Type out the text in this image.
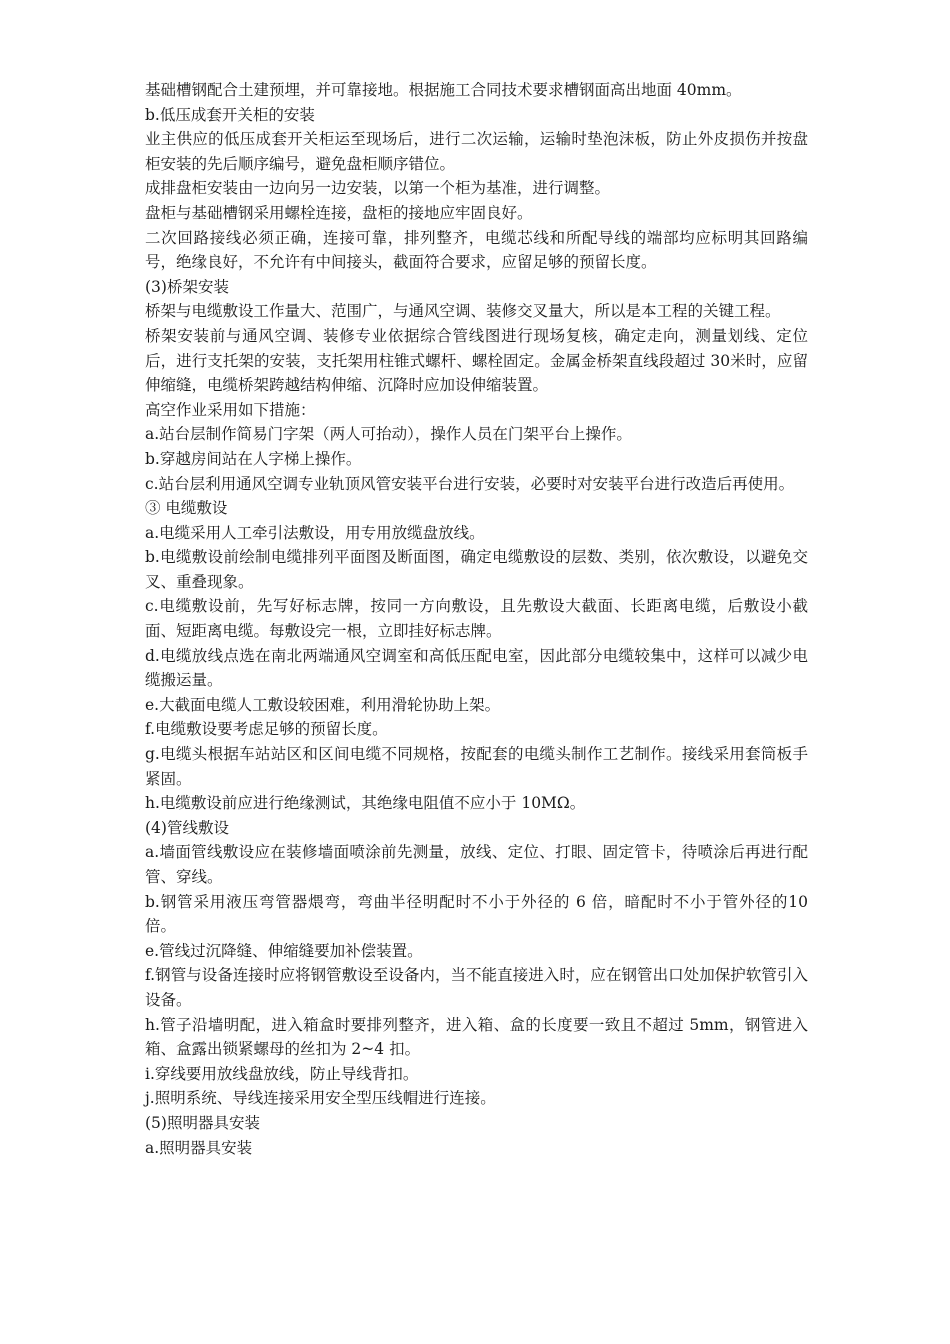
基础槽钢配合土建预埋，并可靠接地。根据施工合同技术要求槽钢面高出地面 40mm。

b.低压成套开关柜的安装

业主供应的低压成套开关柜运至现场后，进行二次运输，运输时垫泡沫板，防止外皮损伤并按盘柜安装的先后顺序编号，避免盘柜顺序错位。

成排盘柜安装由一边向另一边安装，以第一个柜为基准，进行调整。

盘柜与基础槽钢采用螺栓连接，盘柜的接地应牢固良好。

二次回路接线必须正确，连接可靠，排列整齐，电缆芯线和所配导线的端部均应标明其回路编号，绝缘良好，不允许有中间接头，截面符合要求，应留足够的预留长度。

(3)桥架安装

桥架与电缆敷设工作量大、范围广，与通风空调、装修交叉量大，所以是本工程的关键工程。

桥架安装前与通风空调、装修专业依据综合管线图进行现场复核，确定走向，测量划线、定位后，进行支托架的安装，支托架用柱锥式螺杆、螺栓固定。金属金桥架直线段超过 30米时，应留伸缩缝，电缆桥架跨越结构伸缩、沉降时应加设伸缩装置。

高空作业采用如下措施：

a.站台层制作简易门字架（两人可抬动），操作人员在门架平台上操作。

b.穿越房间站在人字梯上操作。

c.站台层利用通风空调专业轨顶风管安装平台进行安装，必要时对安装平台进行改造后再使用。

③ 电缆敷设

a.电缆采用人工牵引法敷设，用专用放缆盘放线。

b.电缆敷设前绘制电缆排列平面图及断面图，确定电缆敷设的层数、类别，依次敷设，以避免交叉、重叠现象。

c.电缆敷设前，先写好标志牌，按同一方向敷设，且先敷设大截面、长距离电缆，后敷设小截面、短距离电缆。每敷设完一根，立即挂好标志牌。

d.电缆放线点选在南北两端通风空调室和高低压配电室，因此部分电缆较集中，这样可以减少电缆搬运量。

e.大截面电缆人工敷设较困难，利用滑轮协助上架。

f.电缆敷设要考虑足够的预留长度。

g.电缆头根据车站站区和区间电缆不同规格，按配套的电缆头制作工艺制作。接线采用套筒板手紧固。

h.电缆敷设前应进行绝缘测试，其绝缘电阻值不应小于 10MΩ。

(4)管线敷设

a.墙面管线敷设应在装修墙面喷涂前先测量，放线、定位、打眼、固定管卡，待喷涂后再进行配管、穿线。

b.钢管采用液压弯管器煨弯，弯曲半径明配时不小于外径的 6 倍，暗配时不小于管外径的10 倍。

e.管线过沉降缝、伸缩缝要加补偿装置。

f.钢管与设备连接时应将钢管敷设至设备内，当不能直接进入时，应在钢管出口处加保护软管引入设备。

h.管子沿墙明配，进入箱盒时要排列整齐，进入箱、盒的长度要一致且不超过 5mm，钢管进入箱、盒露出锁紧螺母的丝扣为 2~4 扣。

i.穿线要用放线盘放线，防止导线背扣。

j.照明系统、导线连接采用安全型压线帽进行连接。

(5)照明器具安装

a.照明器具安装
